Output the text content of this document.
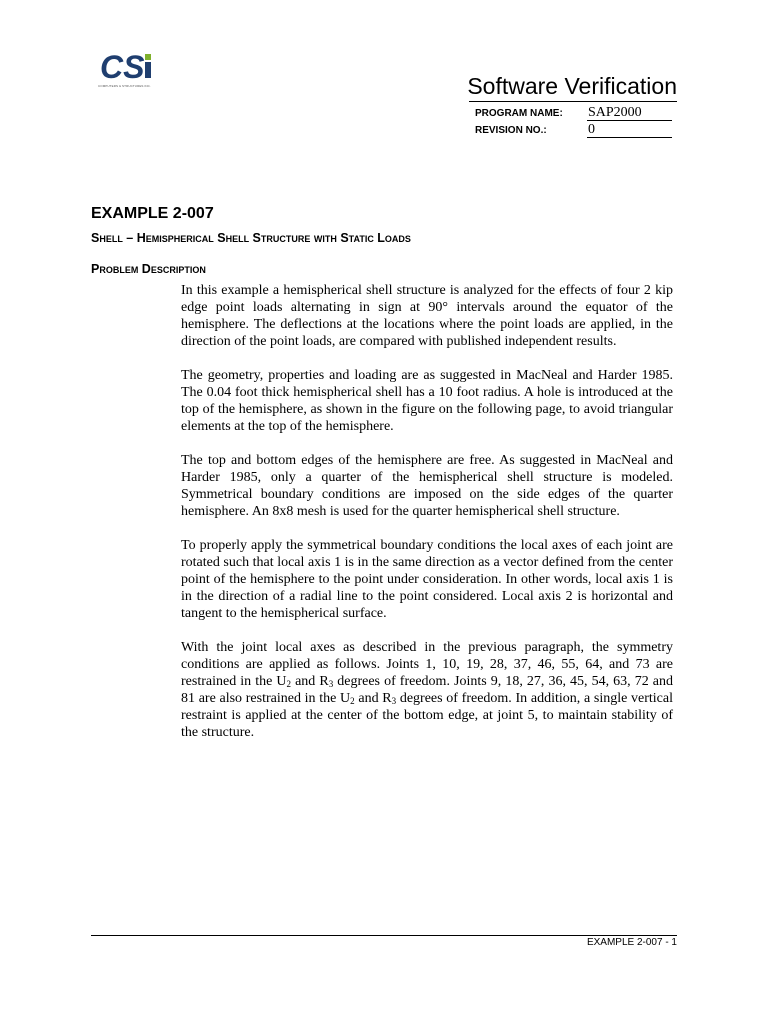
CS
COMPUTERS & STRUCTURES INC.	Software Verification
PROGRAM NAME: SAP2000
REVISION NO.:	0
EXAMPLE 2-007
Shell – Hemispherical Shell Structure with Static Loads
Problem Description

In this example a hemispherical shell structure is analyzed for the effects of four 2 kip edge point loads alternating in sign at 90° intervals around the equator of the hemisphere. The deflections at the locations where the point loads are applied, in the direction of the point loads, are compared with published independent results.

The geometry, properties and loading are as suggested in MacNeal and Harder 1985. The 0.04 foot thick hemispherical shell has a 10 foot radius. A hole is introduced at the top of the hemisphere, as shown in the figure on the following page, to avoid triangular elements at the top of the hemisphere.

The top and bottom edges of the hemisphere are free. As suggested in MacNeal and Harder 1985, only a quarter of the hemispherical shell structure is modeled. Symmetrical boundary conditions are imposed on the side edges of the quarter hemisphere. An 8x8 mesh is used for the quarter hemispherical shell structure.

To properly apply the symmetrical boundary conditions the local axes of each joint are rotated such that local axis 1 is in the same direction as a vector defined from the center point of the hemisphere to the point under consideration. In other words, local axis 1 is in the direction of a radial line to the point considered. Local axis 2 is horizontal and tangent to the hemispherical surface.

With the joint local axes as described in the previous paragraph, the symmetry conditions are applied as follows. Joints 1, 10, 19, 28, 37, 46, 55, 64, and 73 are restrained in the $U_2$ and $R_3$ degrees of freedom. Joints 9, 18, 27, 36, 45, 54, 63, 72 and 81 are also restrained in the $U_2$ and $R_3$ degrees of freedom. In addition, a single vertical restraint is applied at the center of the bottom edge, at joint 5, to maintain stability of the structure.

EXAMPLE 2-007 - 1
